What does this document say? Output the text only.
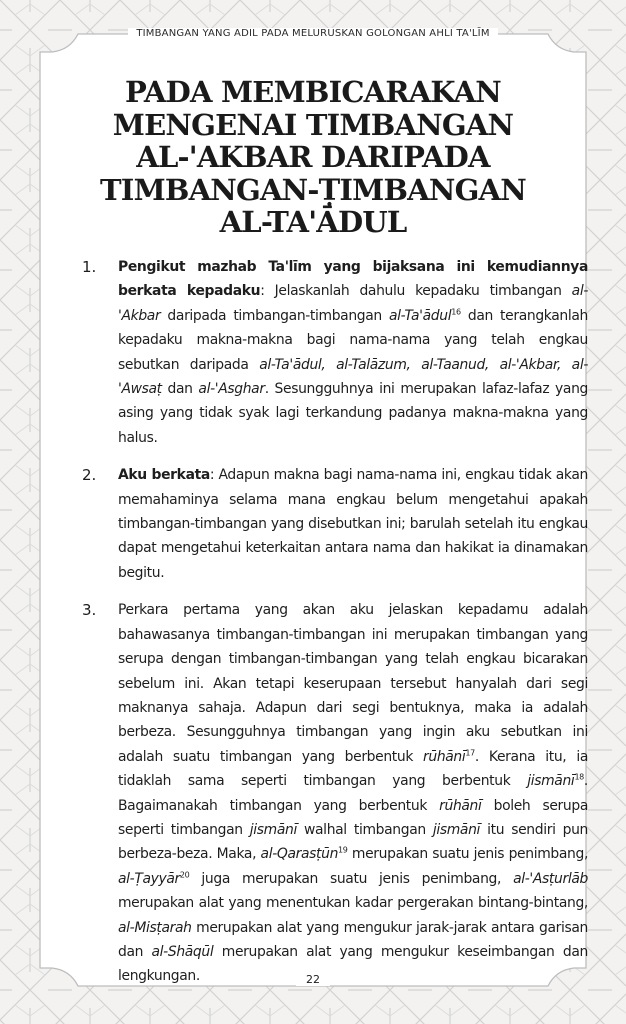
TIMBANGAN YANG ADIL PADA MELURUSKAN GOLONGAN AHLI TA'LĪM
PADA MEMBICARAKAN
MENGENAI TIMBANGAN
AL-'AKBAR DARIPADA
TIMBANGAN-ṬIMBANGAN
AL-TA'ĀDUL
1. Pengikut mazhab Ta'līm yang bijaksana ini kemudiannya berkata kepadaku: Jelaskanlah dahulu kepadaku timbangan al-'Akbar daripada timbangan-timbangan al-Ta'ādul$^{16}$ dan terangkanlah kepadaku makna-makna bagi nama-nama yang telah engkau sebutkan daripada al-Ta'ādul, al-Talāzum, al-Taanud, al-'Akbar, al-'Awsaṭ dan al-'Asghar. Sesungguhnya ini merupakan lafaz-lafaz yang asing yang tidak syak lagi terkandung padanya makna-makna yang halus.
2. Aku berkata: Adapun makna bagi nama-nama ini, engkau tidak akan memahaminya selama mana engkau belum mengetahui apakah timbangan-timbangan yang disebutkan ini; barulah setelah itu engkau dapat mengetahui keterkaitan antara nama dan hakikat ia dinamakan begitu.
3. Perkara pertama yang akan aku jelaskan kepadamu adalah bahawasanya timbangan-timbangan ini merupakan timbangan yang serupa dengan timbangan-timbangan yang telah engkau bicarakan sebelum ini. Akan tetapi keserupaan tersebut hanyalah dari segi maknanya sahaja. Adapun dari segi bentuknya, maka ia adalah berbeza. Sesungguhnya timbangan yang ingin aku sebutkan ini adalah suatu timbangan yang berbentuk rūhānī$^{17}$. Kerana itu, ia tidaklah sama seperti timbangan yang berbentuk jismānī$^{18}$. Bagaimanakah timbangan yang berbentuk rūhānī boleh serupa seperti timbangan jismānī walhal timbangan jismānī itu sendiri pun berbeza-beza. Maka, al-Qarasṭūn$^{19}$ merupakan suatu jenis penimbang, al-Ṭayyār$^{20}$ juga merupakan suatu jenis penimbang, al-'Asṭurlāb merupakan alat yang menentukan kadar pergerakan bintang-bintang, al-Misṭarah merupakan alat yang mengukur jarak-jarak antara garisan dan al-Shāqūl merupakan alat yang mengukur keseimbangan dan lengkungan.	22
